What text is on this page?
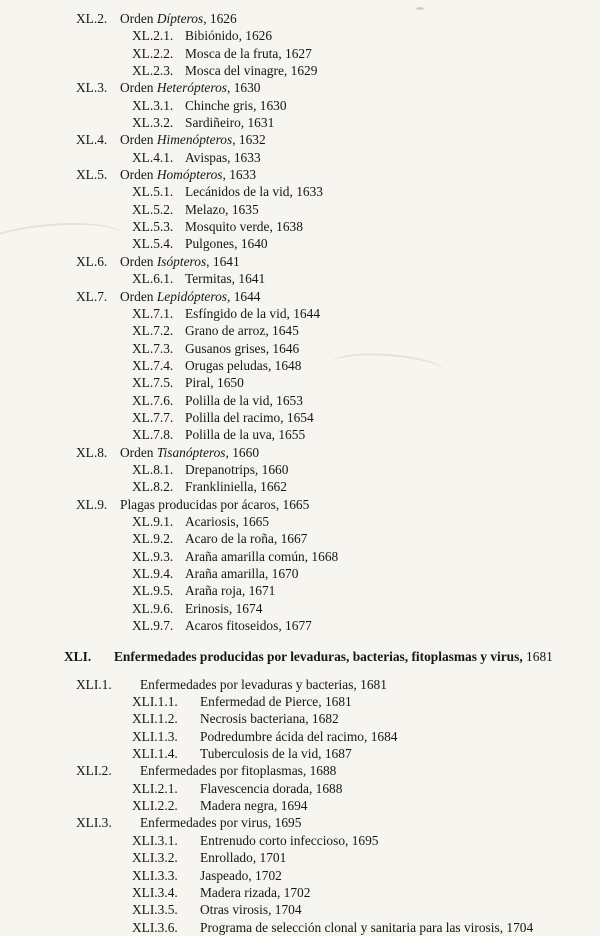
XL.2. Orden Dípteros, 1626
XL.2.1. Bibiónido, 1626
XL.2.2. Mosca de la fruta, 1627
XL.2.3. Mosca del vinagre, 1629
XL.3. Orden Heterópteros, 1630
XL.3.1. Chinche gris, 1630
XL.3.2. Sardiñeiro, 1631
XL.4. Orden Himenópteros, 1632
XL.4.1. Avispas, 1633
XL.5. Orden Homópteros, 1633
XL.5.1. Lecánidos de la vid, 1633
XL.5.2. Melazo, 1635
XL.5.3. Mosquito verde, 1638
XL.5.4. Pulgones, 1640
XL.6. Orden Isópteros, 1641
XL.6.1. Termitas, 1641
XL.7. Orden Lepidópteros, 1644
XL.7.1. Esfíngido de la vid, 1644
XL.7.2. Grano de arroz, 1645
XL.7.3. Gusanos grises, 1646
XL.7.4. Orugas peludas, 1648
XL.7.5. Piral, 1650
XL.7.6. Polilla de la vid, 1653
XL.7.7. Polilla del racimo, 1654
XL.7.8. Polilla de la uva, 1655
XL.8. Orden Tisanópteros, 1660
XL.8.1. Drepanotrips, 1660
XL.8.2. Frankliniella, 1662
XL.9. Plagas producidas por ácaros, 1665
XL.9.1. Acariosis, 1665
XL.9.2. Acaro de la roña, 1667
XL.9.3. Araña amarilla común, 1668
XL.9.4. Araña amarilla, 1670
XL.9.5. Araña roja, 1671
XL.9.6. Erinosis, 1674
XL.9.7. Acaros fitoseidos, 1677
XLI.	Enfermedades producidas por levaduras, bacterias, fitoplasmas y virus, 1681
XLI.1.	Enfermedades por levaduras y bacterias, 1681
XLI.1.1.	Enfermedad de Pierce, 1681
XLI.1.2.	Necrosis bacteriana, 1682
XLI.1.3.	Podredumbre ácida del racimo, 1684
XLI.1.4.	Tuberculosis de la vid, 1687
XLI.2.	Enfermedades por fitoplasmas, 1688
XLI.2.1.	Flavescencia dorada, 1688
XLI.2.2.	Madera negra, 1694
XLI.3.	Enfermedades por virus, 1695
XLI.3.1.	Entrenudo corto infeccioso, 1695
XLI.3.2.	Enrollado, 1701
XLI.3.3.	Jaspeado, 1702
XLI.3.4.	Madera rizada, 1702
XLI.3.5.	Otras virosis, 1704
XLI.3.6.	Programa de selección clonal y sanitaria para las virosis, 1704
